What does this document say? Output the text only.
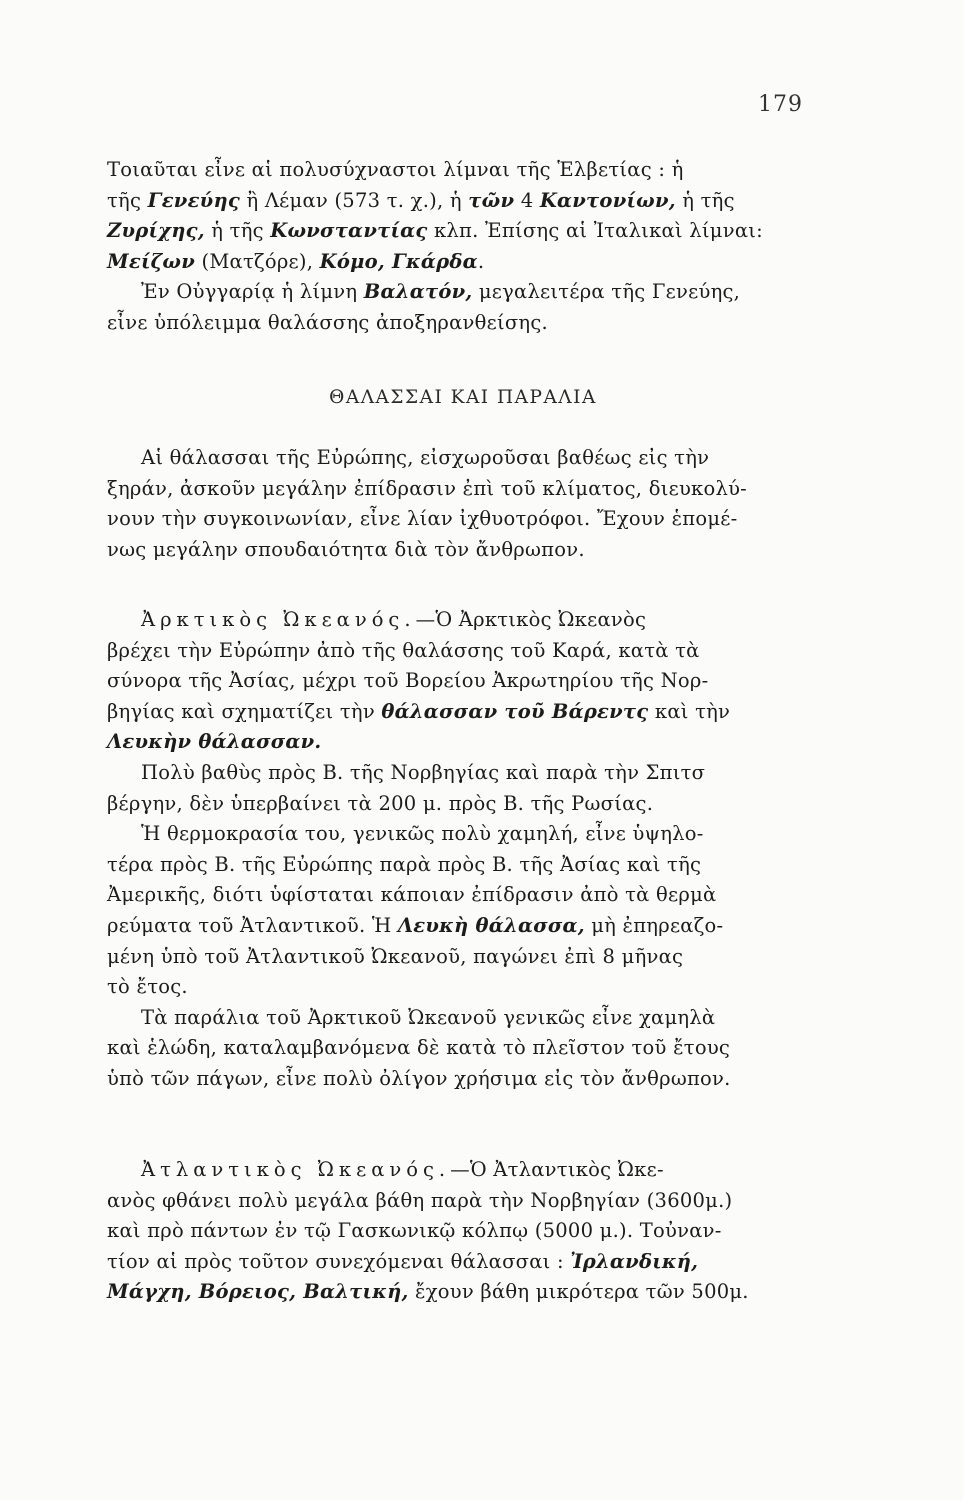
179
Τοιαῦται εἶνε αἱ πολυσύχναστοι λίμναι τῆς Ἑλβετίας : ἡ
τῆς Γενεύης ἢ Λέμαν (573 τ. χ.), ἡ τῶν 4 Καντονίων, ἡ τῆς
Ζυρίχης, ἡ τῆς Κωνσταντίας κλπ. Ἐπίσης αἱ Ἰταλικαὶ λίμναι:
Μείζων (Ματζόρε), Κόμο, Γκάρδα.
Ἐν Οὐγγαρίᾳ ἡ λίμνη Βαλατόν, μεγαλειτέρα τῆς Γενεύης,
εἶνε ὑπόλειμμα θαλάσσης ἀποξηρανθείσης.
ΘΑΛΑΣΣΑΙ ΚΑΙ ΠΑΡΑΛΙΑ
Αἱ θάλασσαι τῆς Εὐρώπης, εἰσχωροῦσαι βαθέως εἰς τὴν
ξηράν, ἀσκοῦν μεγάλην ἐπίδρασιν ἐπὶ τοῦ κλίματος, διευκολύ-
νουν τὴν συγκοινωνίαν, εἶνε λίαν ἰχθυοτρόφοι. Ἔχουν ἑπομέ-
νως μεγάλην σπουδαιότητα διὰ τὸν ἄνθρωπον.
Ἀρκτικὸς Ὠκεανός.—Ὁ Ἀρκτικὸς Ὠκεανὸς
βρέχει τὴν Εὐρώπην ἀπὸ τῆς θαλάσσης τοῦ Καρά, κατὰ τὰ
σύνορα τῆς Ἀσίας, μέχρι τοῦ Βορείου Ἀκρωτηρίου τῆς Νορ-
βηγίας καὶ σχηματίζει τὴν θάλασσαν τοῦ Βάρεντς καὶ τὴν
Λευκὴν θάλασσαν.
Πολὺ βαθὺς πρὸς Β. τῆς Νορβηγίας καὶ παρὰ τὴν Σπιτσ
βέργην, δὲν ὑπερβαίνει τὰ 200 μ. πρὸς Β. τῆς Ρωσίας.
Ἡ θερμοκρασία του, γενικῶς πολὺ χαμηλή, εἶνε ὑψηλο-
τέρα πρὸς Β. τῆς Εὐρώπης παρὰ πρὸς Β. τῆς Ἀσίας καὶ τῆς
Ἀμερικῆς, διότι ὑφίσταται κάποιαν ἐπίδρασιν ἀπὸ τὰ θερμὰ
ρεύματα τοῦ Ἀτλαντικοῦ. Ἡ Λευκὴ θάλασσα, μὴ ἐπηρεαζο-
μένη ὑπὸ τοῦ Ἀτλαντικοῦ Ὠκεανοῦ, παγώνει ἐπὶ 8 μῆνας
τὸ ἔτος.
Τὰ παράλια τοῦ Ἀρκτικοῦ Ὠκεανοῦ γενικῶς εἶνε χαμηλὰ
καὶ ἑλώδη, καταλαμβανόμενα δὲ κατὰ τὸ πλεῖστον τοῦ ἔτους
ὑπὸ τῶν πάγων, εἶνε πολὺ ὀλίγον χρήσιμα εἰς τὸν ἄνθρωπον.
Ἀτλαντικὸς Ὠκεανός.—Ὁ Ἀτλαντικὸς Ὠκε-
ανὸς φθάνει πολὺ μεγάλα βάθη παρὰ τὴν Νορβηγίαν (3600μ.)
καὶ πρὸ πάντων ἐν τῷ Γασκωνικῷ κόλπῳ (5000 μ.). Τοὐναν-
τίον αἱ πρὸς τοῦτον συνεχόμεναι θάλασσαι : Ἰρλανδική,
Μάγχη, Βόρειος, Βαλτική, ἔχουν βάθη μικρότερα τῶν 500μ.
